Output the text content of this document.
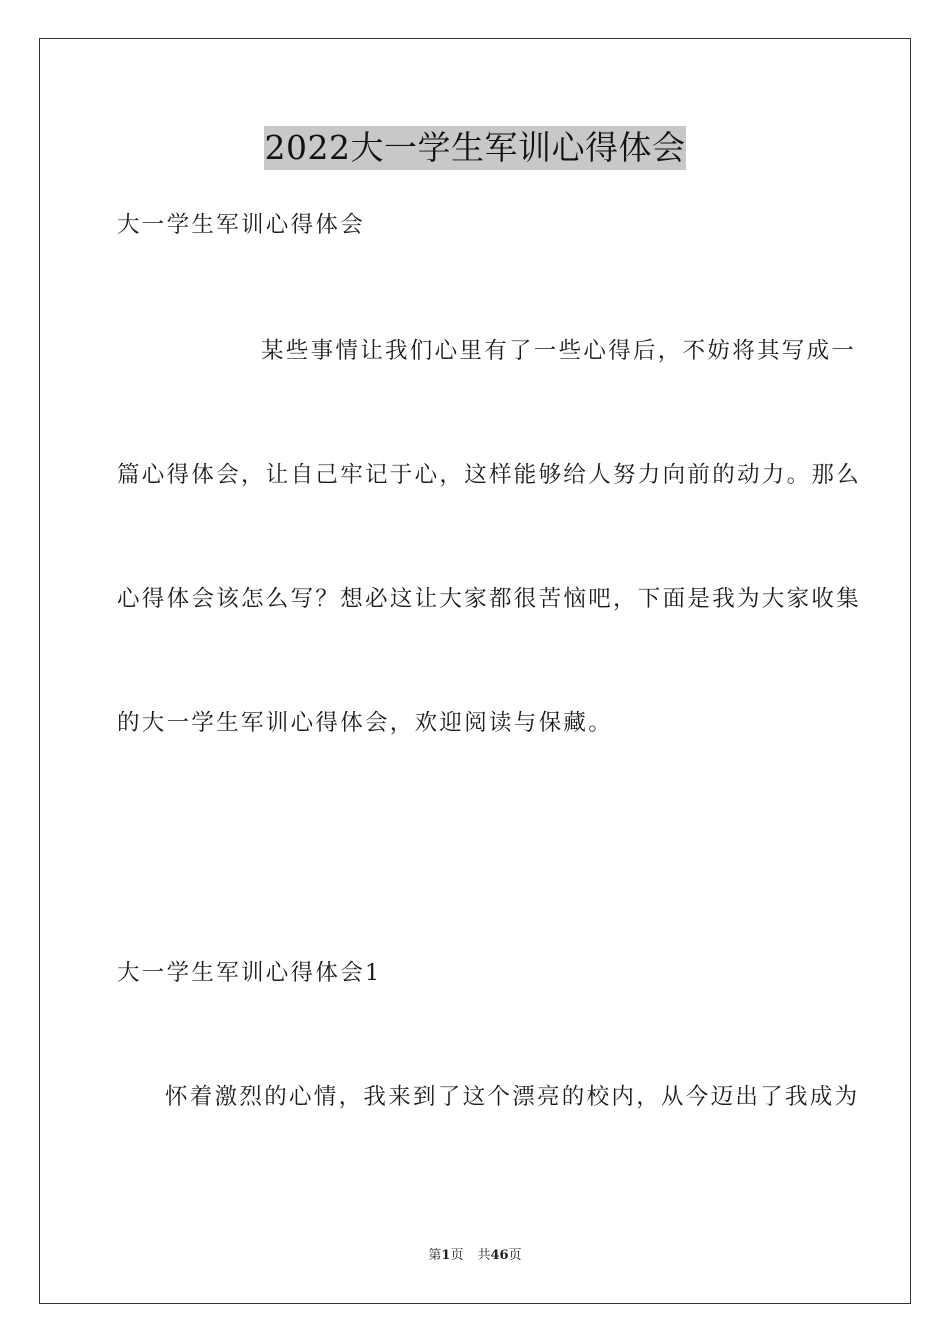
2022大一学生军训心得体会
大一学生军训心得体会
某些事情让我们心里有了一些心得后，不妨将其写成一
篇心得体会，让自己牢记于心，这样能够给人努力向前的动力。那么
心得体会该怎么写？想必这让大家都很苦恼吧，下面是我为大家收集
的大一学生军训心得体会，欢迎阅读与保藏。
大一学生军训心得体会1
怀着激烈的心情，我来到了这个漂亮的校内，从今迈出了我成为
第1页 共46页
